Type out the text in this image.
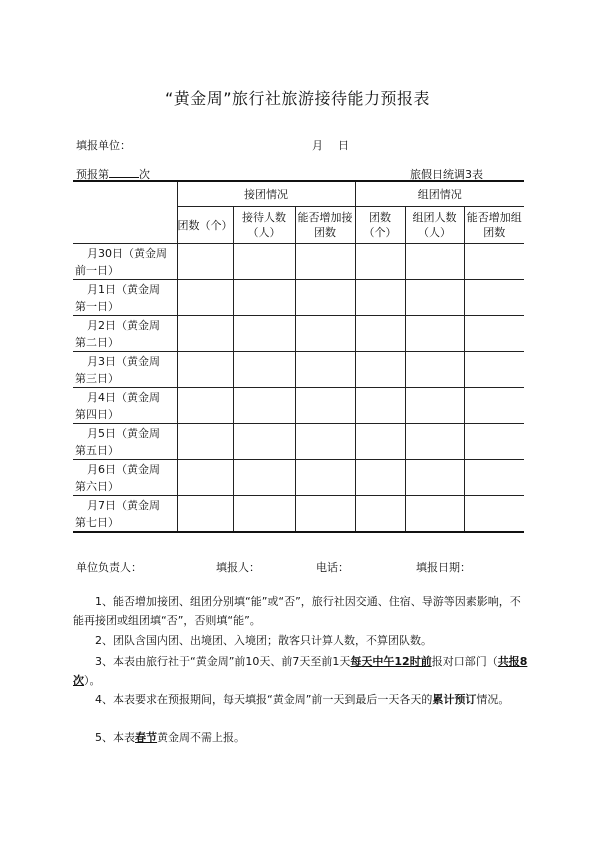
“黄金周”旅行社旅游接待能力预报表
填报单位：	月 日
预报第	次	旅假日统调3表
	接团情况			组团情况		
	团数（个）	接待人数（人）	能否增加接团数	团数（个）	组团人数（人）	能否增加组团数

月30日（黄金周
前一日）						

月1日（黄金周
第一日）						

月2日（黄金周
第二日）						

月3日（黄金周
第三日）						

月4日（黄金周
第四日）						

月5日（黄金周
第五日）						

月6日（黄金周
第六日）						

月7日（黄金周
第七日）						

单位负责人：	填报人：	电话：	填报日期：
1、能否增加接团、组团分别填“能”或“否”，旅行社因交通、住宿、导游等因素影响，不能再接团或组团填“否”，否则填“能”。
2、团队含国内团、出境团、入境团；散客只计算人数，不算团队数。
3、本表由旅行社于“黄金周”前10天、前7天至前1天每天中午12时前报对口部门（共报8次）。
4、本表要求在预报期间，每天填报“黄金周”前一天到最后一天各天的累计预订情况。
5、本表春节黄金周不需上报。
